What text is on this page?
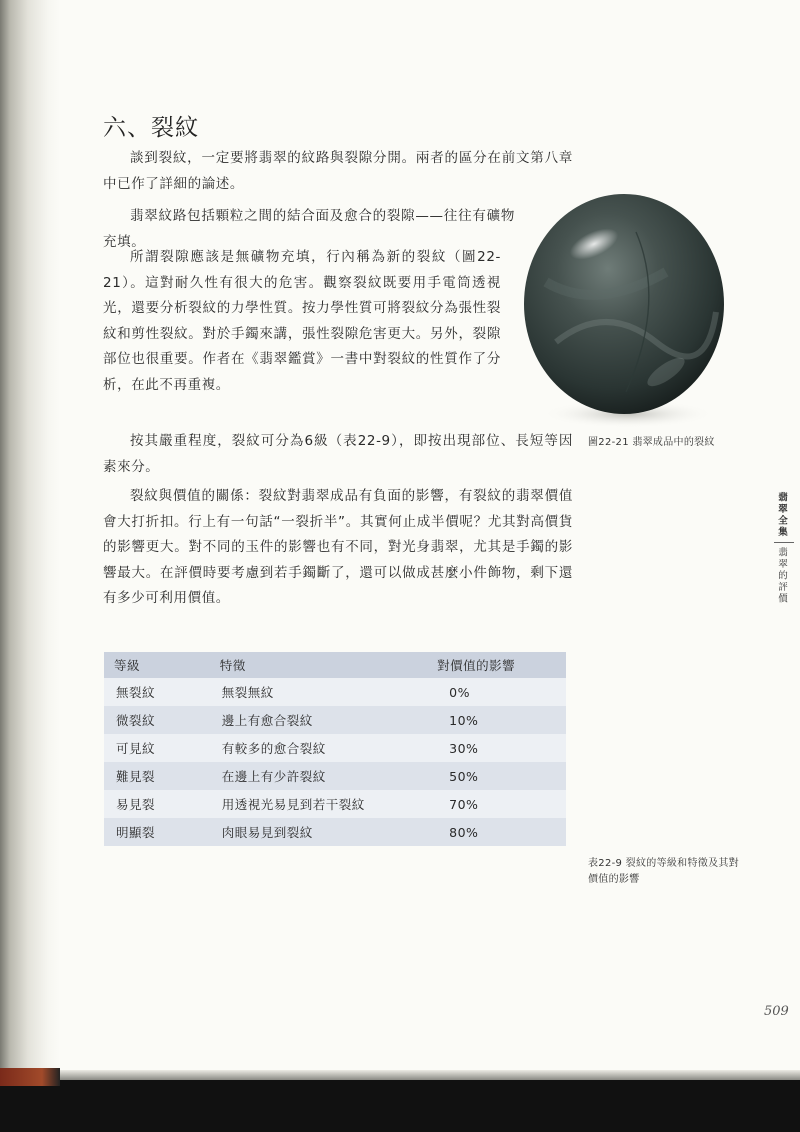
六、裂紋

談到裂紋，一定要將翡翠的紋路與裂隙分開。兩者的區分在前文第八章中已作了詳細的論述。

翡翠紋路包括顆粒之間的結合面及愈合的裂隙——往往有礦物充填。

所謂裂隙應該是無礦物充填，行內稱為新的裂紋（圖22-21）。這對耐久性有很大的危害。觀察裂紋既要用手電筒透視光，還要分析裂紋的力學性質。按力學性質可將裂紋分為張性裂紋和剪性裂紋。對於手鐲來講，張性裂隙危害更大。另外，裂隙部位也很重要。作者在《翡翠鑑賞》一書中對裂紋的性質作了分析，在此不再重複。

按其嚴重程度，裂紋可分為6級（表22-9），即按出現部位、長短等因素來分。

裂紋與價值的關係：裂紋對翡翠成品有負面的影響，有裂紋的翡翠價值會大打折扣。行上有一句話“一裂折半”。其實何止成半價呢？尤其對高價貨的影響更大。對不同的玉件的影響也有不同，對光身翡翠，尤其是手鐲的影響最大。在評價時要考慮到若手鐲斷了，還可以做成甚麼小件飾物，剩下還有多少可利用價值。

圖22-21 翡翠成品中的裂紋
翡翠全集
翡翠的評價
等級	特徵	對價值的影響
無裂紋	無裂無紋	0%
微裂紋	邊上有愈合裂紋	10%
可見紋	有較多的愈合裂紋	30%
難見裂	在邊上有少許裂紋	50%
易見裂	用透視光易見到若干裂紋	70%
明顯裂	肉眼易見到裂紋	80%
表22-9 裂紋的等級和特徵及其對價值的影響
509
